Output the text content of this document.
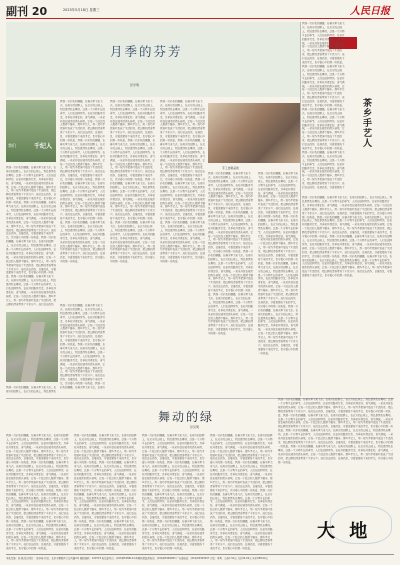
副刊 20	2023年5月18日 星期三	人民日报
月季的芬芳
彭学明
我们	千纪人
手工皮制品的
遇见
茶乡手艺人
我像一只彩色的蝴蝶，在春天里飞来飞去。在南方的田野上，在北方的山坡上，到处是绿色在舞动。这是一个万物生长的季节，人们在田间劳作，在花开的路旁行走。月季花开得正好，香气满城，一朵朵开放在城市的街头巷尾，让每一个经过的人都停下脚步。那些手艺人，用一双巧手把茶叶变成了生活的诗，把山野的清香带进了千家万户。他们日出而作，日落而息，守着祖辈传下来的手艺，也守着心中的那一份热爱。我像一只彩色的蝴蝶，在春天里飞来飞去。在南方的田野上，在北方的山坡上，到处是绿色在舞动。这是一个万物生长的季节，人们在田间劳作，在花开的路旁行走。月季花开得正好，香气满城，一朵朵开放在城市的街头巷尾，让每一个经过的人都停下脚步。那些手艺人，用一双巧手把茶叶变成了生活的诗，把山野的清香带进了千家万户。他们日出而作，日落而息，守着祖辈传下来的手艺，也守着心中的那一份热爱。我像一只彩色的蝴蝶，在春天里飞来飞去。在南方的田野上，在北方的山坡上，到处是绿色在舞动。这是一个万物生长的季节，人们在田间劳作，在花开的路旁行走。月季花开得正好，香气满城，一朵朵开放在城市的街头巷尾，让每一个经过的人都停下脚步。那些手艺人，用一双巧手把茶叶变成了生活的诗，把山野的清香带进了千家万户。他们日出而作，日落而息，守着祖辈传下来的手艺，也守着心中的那一份热爱。我像一只彩色的蝴蝶，在春天里飞来飞去。在南方的田野上，在北方的山坡上，到处是绿色在舞动。这是一个万物生长的季节，人们在田间劳作，在花开的路旁行走。月季花开得正好，香气满城，一朵朵开放在城市的街头巷尾，让每一个经过的人都停下脚步。那些手艺人，用一双巧手把茶叶变成了生活的诗，把山野的清香带进了千家万户。他们日出而作，日落而息，守着祖辈传下来的手艺，也守着心中的那一份热爱。
我像一只彩色的蝴蝶，在春天里飞来飞去。在南方的田野上，在北方的山坡上，到处是绿色在舞动。这是一个万物生长的季节，人们在田间劳作，在花开的路旁行走。月季花开得正好，香气满城，一朵朵开放在城市的街头巷尾，让每一个经过的人都停下脚步。那些手艺人，用一双巧手把茶叶变成了生活的诗，把山野的清香带进了千家万户。他们日出而作，日落而息，守着祖辈传下来的手艺，也守着心中的那一份热爱。我像一只彩色的蝴蝶，在春天里飞来飞去。在南方的田野上，在北方的山坡上，到处是绿色在舞动。这是一个万物生长的季节，人们在田间劳作，在花开的路旁行走。月季花开得正好，香气满城，一朵朵开放在城市的街头巷尾，让每一个经过的人都停下脚步。那些手艺人，用一双巧手把茶叶变成了生活的诗，把山野的清香带进了千家万户。他们日出而作，日落而息，守着祖辈传下来的手艺，也守着心中的那一份热爱。我像一只彩色的蝴蝶，在春天里飞来飞去。在南方的田野上，在北方的山坡上，到处是绿色在舞动。这是一个万物生长的季节，人们在田间劳作，在花开的路旁行走。月季花开得正好，香气满城，一朵朵开放在城市的街头巷尾，让每一个经过的人都停下脚步。那些手艺人，用一双巧手把茶叶变成了生活的诗，把山野的清香带进了千家万户。他们日出而作，日落而息，守着祖辈传下来的手艺，也守着心中的那一份热爱。我像一只彩色的蝴蝶，在春天里飞来飞去。在南方的田野上，在北方的山坡上，到处是绿色在舞动。这是一个万物生长的季节，人们在田间劳作，在花开的路旁行走。月季花开得正好，香气满城，一朵朵开放在城市的街头巷尾，让每一个经过的人都停下脚步。那些手艺人，用一双巧手把茶叶变成了生活的诗，把山野的清香带进了千家万户。他们日出而作，
我像一只彩色的蝴蝶，在春天里飞来飞去。在南方的田野上，在北方的山坡上，到处是绿色在舞动。这是一个万物生长的季节，人们在田间劳作，在花开的路旁行走。月季花开得正好，香气满城，一朵朵开放在城市的街头巷尾，让每一个经过的人都停下脚步。那些手艺人，用一双巧手把茶叶变成了生活的诗，把山野的清香带进了千家万户。他们日出而作，日落而息，守着祖辈传下来的手艺，也守着心中的那一份热爱。我像一只彩色的蝴蝶，在春天里飞来飞去。在南方的田野上，在北方的山坡上，到处是绿色在舞动。这是一个万物生长的季节，人们在田间劳作，在花开的路旁行走。月季花开得正好，香气满城，一朵朵开放在城市的街头巷尾，让每一个经过的人都停下脚步。那些手艺人，用一双巧手把茶叶变成了生活的诗，把山野的清香带进了千家万户。他们日出而作，日落而息，守着祖辈传下来的手艺，也守着心中的那一份热爱。我像一只彩色的蝴蝶，在春天里飞来飞去。在南方的田野上，在北方的山坡上，到处是绿色在舞动。这是一个万物生长的季节，人们在田间劳作，在花开的路旁行走。月季花开得正好，香气满城，一朵朵开放在城市的街头巷尾，让每一个经过的人都停下脚步。那些手艺人，用一双巧手把茶叶变成了生活的诗，把山野的清香带进了千家万户。他们日出而作，日落而息，守着祖辈传下来的手艺，也守着心中的那一份热爱。我像一只彩色的蝴蝶，在春天里飞来飞去。在南方的田野上，在北方的山坡上，到处是绿色在舞动。这是一个万物生长的季节，人们在田间劳作，在花开的路旁行走。月季花开得正好，香气满城，一朵朵开放在城市的街头巷尾，让每一个经过的人都停下脚步。那些手艺人，用一双巧手把茶叶变成了生活的诗，把山野的清香带进了千家万户。他们日出而作，日落而息，守着祖辈传下来的手艺，也守着心中的那一份热爱。
我像一只彩色的蝴蝶，在春天里飞来飞去。在南方的田野上，在北方的山坡上，到处是绿色在舞动。这是一个万物生长的季节，人们在田间劳作，在花开的路旁行走。月季花开得正好，香气满城，一朵朵开放在城市的街头巷尾，让每一个经过的人都停下脚步。那些手艺人，用一双巧手把茶叶变成了生活的诗，把山野的清香带进了千家万户。他们日出而作，日落而息，守着祖辈传下来的手艺，也守着心中的那一份热爱。我像一只彩色的蝴蝶，在春天里飞来飞去。在南方的田野上，在北方的山坡上，到处是绿色在舞动。这是一个万物生长的季节，人们在田间劳作，在花开的路旁行走。月季花开得正好，香气满城，一朵朵开放在城市的街头巷尾，让每一个经过的人都停下脚步。那些手艺人，用一双巧手把茶叶变成了生活的诗，把山野的清香带进了千家万户。他们日出而作，日落而息，守着祖辈传下来的手艺，也守着心中的那一份热爱。我像一只彩色的蝴蝶，在春天里飞来飞去。在南方的田野上，在北方的山坡上，到处是绿色在舞动。这是一个万物生长的季节，人们在田间劳作，在花开的路旁行走。月季花开得正好，香气满城，一朵朵开放在城市的街头巷尾，让每一个经过的人都停下脚步。那些手艺人，用一双巧手把茶叶变成了生活的诗，把山野的清香带进了千家万户。他们日出而作，日落而息，守着祖辈传下来的手艺，也守着心中的那一份热爱。我像一只彩色的蝴蝶，在春天里飞来飞去。在南方的田野上，在北方的山坡上，到处是绿色在舞动。这是一个万物生长的季节，人们在田间劳作，在花开的路旁行走。月季花开得正好，香气满城，一朵朵开放在城市的街头巷尾，让每一个经过的人都停下脚步。那些手艺人，用一双巧手把茶叶变成了生活的诗，把山野的清香带进了千家万户。他们日出而作，日落而息，守着祖辈传下来的手艺，也守着心中的那一份热爱。
我像一只彩色的蝴蝶，在春天里飞来飞去。在南方的田野上，在北方的山坡上，到处是绿色在舞动。这是一个万物生长的季节，人们在田间劳作，在花开的路旁行走。月季花开得正好，香气满城，一朵朵开放在城市的街头巷尾，让每一个经过的人都停下脚步。那些手艺人，用一双巧手把茶叶变成了生活的诗，把山野的清香带进了千家万户。他们日出而作，日落而息，守着祖辈传下来的手艺，也守着心中的那一份热爱。我像一只彩色的蝴蝶，在春天里飞来飞去。在南方的田野上，在北方的山坡上，到处是绿色在舞动。这是一个万物生长的季节，人们在田间劳作，在花开的路旁行走。月季花开得正好，香气满城，一朵朵开放在城市的街头巷尾，让每一个经过的人都停下脚步。那些手艺人，用一双巧手把茶叶变成了生活的诗，把山野的清香带进了千家万户。他们日出而作，日落而息，守着祖辈传下来的手艺，也守着心中的那一份热爱。我像一只彩色的蝴蝶，在春天里飞来飞去。在南方的田野上，在北方的山坡上，到处是绿色在舞动。这是一个万物生长的季节，人们在田间劳作，在花开的路旁行走。月季花开得正好，香气满城，一朵朵开放在城市的街头巷尾，让每一个经过的人都停下脚步。那些手艺人，用一双巧手把茶叶变成了生活的诗，把山野的清香带进了千家万户。他们日出而作，日落而息，守着祖辈传下来的手艺，也守着心中的那一份热爱。我像一只彩色的蝴蝶，在春天里飞来飞去。在南方的田野上，在北方的山坡上，到处是绿色在舞动。这是一个万物生长的季节，人们在田间劳作，在花开的路旁行走。月季花开得正好，香气满城，一朵朵开放在城市的街头巷尾，让每一个经过的人都停下脚步。那些手艺人，用一双巧手把茶叶变成了生活的诗，把山野的清香带进了千家万户。他们日出而作，日落而息，守着祖辈传下来的手艺，也守着心中的那一份热爱。
我像一只彩色的蝴蝶，在春天里飞来飞去。在南方的田野上，在北方的山坡上，到处是绿色在舞动。这是一个万物生长的季节，人们在田间劳作，在花开的路旁行走。月季花开得正好，香气满城，一朵朵开放在城市的街头巷尾，让每一个经过的人都停下脚步。那些手艺人，用一双巧手把茶叶变成了生活的诗，把山野的清香带进了千家万户。他们日出而作，日落而息，守着祖辈传下来的手艺，也守着心中的那一份热爱。我像一只彩色的蝴蝶，在春天里飞来飞去。在南方的田野上，在北方的山坡上，到处是绿色在舞动。这是一个万物生长的季节，人们在田间劳作，在花开的路旁行走。月季花开得正好，香气满城，一朵朵开放在城市的街头巷尾，让每一个经过的人都停下脚步。那些手艺人，用一双巧手把茶叶变成了生活的诗，把山野的清香带进了千家万户。他们日出而作，日落而息，守着祖辈传下来的手艺，也守着心中的那一份热爱。我像一只彩色的蝴蝶，在春天里飞来飞去。在南方的田野上，在北方的山坡上，到处是绿色在舞动。这是一个万物生长的季节，人们在田间劳作，在花开的路旁行走。月季花开得正好，香气满城，一朵朵开放在城市的街头巷尾，让每一个经过的人都停下脚步。那些手艺人，用一双巧手把茶叶变成了生活的诗，把山野的清香带进了千家万户。他们日出而作，日落而息，守着祖辈传下来的手艺，也守着心中的那一份热爱。我像一只彩色的蝴蝶，在春天里飞来飞去。在南方的田野上，在北方的山坡上，到处是绿色在舞动。这是一个万物生长的季节，人们在田间劳作，在花开的路旁行走。月季花开得正好，香气满城，一朵朵开放在城市的街头巷尾，让每一个经过的人都停下脚步。那些手艺人，用一双巧手把茶叶变成了生活的诗，把山野的清香带进了千家万户。他们日出而作，日落而息，守着祖辈传下来的手艺，也守着心中的那一份热爱。
我像一只彩色的蝴蝶，在春天里飞来飞去。在南方的田野上，在北方的山坡上，到处是绿色在舞动。这是一个万物生长的季节，人们在田间劳作，在花开的路旁行走。月季花开得正好，香气满城，一朵朵开放在城市的街头巷尾，让每一个经过的人都停下脚步。那些手艺人，用一双巧手把茶叶变成了生活的诗，把山野的清香带进了千家万户。他们日出而作，日落而息，守着祖辈传下来的手艺，也守着心中的那一份热爱。我像一只彩色的蝴蝶，在春天里飞来飞去。在南方的田野上，在北方的山坡上，到处是绿色在舞动。这是一个万物生长的季节，人们在田间劳作，在花开的路旁行走。月季花开得正好，香气满城，一朵朵开放在城市的街头巷尾，让每一个经过的人都停下脚步。那些手艺人，用一双巧手把茶叶变成了生活的诗，把山野的清香带进了千家万户。他们日出而作，日落而息，守着祖辈传下来的手艺，也守着心中的那一份热爱。我像一只彩色的蝴蝶，在春天里飞来飞去。在南方的田野上，在北方的山坡上，到处是绿色在舞动。这是一个万物生长的季节，人们在田间劳作，在花开的路旁行走。月季花开得正好，香气满城，一朵朵开放在城市的街头巷尾，让每一个经过的人都停下脚步。那些手艺人，用一双巧手把茶叶变成了生活的诗，把山野的清香带进了千家万户。他们日出而作，日落而息，守着祖辈传下来的手艺，也守着心中的那一份热爱。我像一只彩色的蝴蝶，在春天里飞来飞去。在南方的田野上，在北方的山坡上，到处是绿色在舞动。这是一个万物生长的季节，人们在田间劳作，在花开的路旁行走。月季花开得正好，香气满城，一朵朵开放在城市的街头巷尾，让每一个经过的人都停下脚步。那些手艺人，用一双巧手把茶叶变成了生活的诗，把山野的清香带进了千家万户。他们日出而作，日落而息，守着祖辈传下
我像一只彩色的蝴蝶，在春天里飞来飞去。在南方的田野上，在北方的山坡上，到处是绿色在舞动。这是一个万物生长的季节，人们在田间劳作，在花开的路旁行走。月季花开得正好，香气满城，一朵朵开放在城市的街头巷尾，让每一个经过的人都停下脚步。那些手艺人，用一双巧手把茶叶变成了生活的诗，把山野的清香带进了千家万户。他们日出而作，日落而息，守着祖辈传下来的手艺，也守着心中的那一份热爱。我像一只彩色的蝴蝶，在春天里飞来飞去。在南方的田野上，在北方的山坡上，到处是绿色在舞动。这是一个万物生长的季节，人们在田间劳作，在花开的路旁行走。月季花开得正好，香气满城，一朵朵开放在城市的街头巷尾，让每一个经过的人都停下脚步。那些手艺人，用一双巧手把茶叶变成了生活的诗，把山野的清香带进了千家万户。他们日出而作，日落而息，守着祖辈传下来的手艺，也守着心中的那一份热爱。我像一只彩色的蝴蝶，在春天里飞来飞去。在南方的田野上，在北方的山坡上，到处是绿色在舞动。这是一个万物生长的季节，人们在田间劳作，在花开的路旁行走。月季花开得正好，香气满城，一朵朵开放在城市的街头巷尾，让每一个经过的人都停下脚步。那些手艺人，用一双巧手把茶叶变成了生活的诗，把山野的清香带进了千家万户。他们日出而作，日落而息，守着祖辈传下来的手艺，也守着心中的那一份热爱。我像一只彩色的蝴蝶，在春天里飞来飞去。在南方的田野上，在北方的山坡上，到处是绿色在舞动。这是一个万物生长的季节，人们在田间劳作，在花开的路旁行走。月季花开得正好，香气满城，一朵朵开放在城市的街头巷尾，让每一个经过的人都停下脚步。那些手艺人，用一双巧手把茶叶变成了生活的诗，把山野的清香带进了千家万户。他们日出而作，日落而息，守着祖辈传下来的手艺，也守着心中的那一份热爱。
我像一只彩色的蝴蝶，在春天里飞来飞去。在南方的田野上，在北方的山坡上，到处是绿色在舞动。这是一个万物生长的季节，人们在田间劳作，在花开的路旁行走。月季花开得正好，香气满城，一朵朵开放在城市的街头巷尾，让每一个经过的人都停下脚步。那些手艺人，用一双巧手把茶叶变成了生活的诗，把山野的清香带进了千家万户。他们日出而作，日落而息，守着祖辈传下来的手艺，也守着心中的那一份热爱。我像一只彩色的蝴蝶，在春天里飞来飞去。在南方的田野上，在北方的山坡上，到处是绿色在舞动。这是一个万物生长的季节，人们在田间劳作，在花开的路旁行走。月季花开得正好，香气满城，一朵朵开放在城市的街头巷尾，让每一个经过的人都停下脚步。那些手艺人，用一双巧手把茶叶变成了生活的诗，把山野的清香带进了千家万户。他们日出而作，日落而息，守着祖辈传下来的手艺，也守着心中的那一份热爱。我像一只彩色的蝴蝶，在春天里飞来飞去。在南方
我像一只彩色的蝴蝶，在春天里飞来飞去。在南方的田野上，在北方的山坡上，到处是绿色
舞动的绿
彭见明
我像一只彩色的蝴蝶，在春天里飞来飞去。在南方的田野上，在北方的山坡上，到处是绿色在舞动。这是一个万物生长的季节，人们在田间劳作，在花开的路旁行走。月季花开得正好，香气满城，一朵朵开放在城市的街头巷尾，让每一个经过的人都停下脚步。那些手艺人，用一双巧手把茶叶变成了生活的诗，把山野的清香带进了千家万户。他们日出而作，日落而息，守着祖辈传下来的手艺，也守着心中的那一份热爱。我像一只彩色的蝴蝶，在春天里飞来飞去。在南方的田野上，在北方的山坡上，到处是绿色在舞动。这是一个万物生长的季节，人们在田间劳作，在花开的路旁行走。月季花开得正好，香气满城，一朵朵开放在城市的街头巷尾，让每一个经过的人都停下脚步。那些手艺人，用一双巧手把茶叶变成了生活的诗，把山野的清香带进了千家万户。他们日出而作，日落而息，守着祖辈传下来的手艺，也守着心中的那一份热爱。我像一只彩色的蝴蝶，在春天里飞来飞去。在南方的田野上，在北方的山坡上，到处是绿色在舞动。这是一个万物生长的季节，人们在田间劳作，在花开的路旁行走。月季花开得正好，香气满城，一朵朵开放在城市的街头巷尾，让每一个经过的人都停下脚步。那些手艺人，用一双巧手把茶叶变成了生活的诗，把山野的清香带进了千家万户。他们日出而作，日落而息，守着祖辈传下来的手艺，也守着心中的那一份热爱。我像一只彩色的蝴蝶，在春天里飞来飞去。在南方的田野上，在北方的山坡上，到处是绿色在舞动。这是一个万物生长的季节，人们在田间劳作，在花开的路旁行走。月季花开得正好，香气满城，一朵朵开放在城市的街头巷尾，让每一个经过的人都停下脚步。那些手艺人，用一双巧手把茶叶变成了生活的诗，把山野的清香带进了千家万户。他们日出而作，日落而息，守着祖辈传下来的手艺，也守着心中的那一份热爱。
我像一只彩色的蝴蝶，在春天里飞来飞去。在南方的田野上，在北方的山坡上，到处是绿色在舞动。这是一个万物生长的季节，人们在田间劳作，在花开的路旁行走。月季花开得正好，香气满城，一朵朵开放在城市的街头巷尾，让每一个经过的人都停下脚步。那些手艺人，用一双巧手把茶叶变成了生活的诗，把山野的清香带进了千家万户。他们日出而作，日落而息，守着祖辈传下来的手艺，也守着心中的那一份热爱。我像一只彩色的蝴蝶，在春天里飞来飞去。在南方的田野上，在北方的山坡上，到处是绿色在舞动。这是一个万物生长的季节，人们在田间劳作，在花开的路旁行走。月季花开得正好，香气满城，一朵朵开放在城市的街头巷尾，让每一个经过的人都停下脚步。那些手艺人，用一双巧手把茶叶变成了生活的诗，把山野的清香带进了千家万户。他们日出而作，日落而息，守着祖辈传下来的手艺，也守着心中的那一份热爱。我像一只彩色的蝴蝶，在春天里飞来飞去。在南方的田野上，在北方的山坡上，到处是绿色在舞动。这是一个万物生长的季节，人们在田间劳作，在花开的路旁行走。月季花开得正好，香气满城，一朵朵开放在城市的街头巷尾，让每一个经过的人都停下脚步。那些手艺人，用一双巧手把茶叶变成了生活的诗，把山野的清香带进了千家万户。他们日出而作，日落而息，守着祖辈传下来的手艺，也守着心中的那一份热爱。我像一只彩色的蝴蝶，在春天里飞来飞去。在南方的田野上，在北方的山坡上，到处是绿色在舞动。这是一个万物生长的季节，人们在田间劳作，在花开的路旁行走。月季花开得正好，香气满城，一朵朵开放在城市的街头巷尾，让每一个经过的人都停下脚步。那些手艺人，用一双巧手把茶叶变成了生活的诗，把山野的清香带进了千家万户。他们日出而作，日落而息，守着祖辈传下来的手艺，也守着心中的那一份热爱。
我像一只彩色的蝴蝶，在春天里飞来飞去。在南方的田野上，在北方的山坡上，到处是绿色在舞动。这是一个万物生长的季节，人们在田间劳作，在花开的路旁行走。月季花开得正好，香气满城，一朵朵开放在城市的街头巷尾，让每一个经过的人都停下脚步。那些手艺人，用一双巧手把茶叶变成了生活的诗，把山野的清香带进了千家万户。他们日出而作，日落而息，守着祖辈传下来的手艺，也守着心中的那一份热爱。我像一只彩色的蝴蝶，在春天里飞来飞去。在南方的田野上，在北方的山坡上，到处是绿色在舞动。这是一个万物生长的季节，人们在田间劳作，在花开的路旁行走。月季花开得正好，香气满城，一朵朵开放在城市的街头巷尾，让每一个经过的人都停下脚步。那些手艺人，用一双巧手把茶叶变成了生活的诗，把山野的清香带进了千家万户。他们日出而作，日落而息，守着祖辈传下来的手艺，也守着心中的那一份热爱。我像一只彩色的蝴蝶，在春天里飞来飞去。在南方的田野上，在北方的山坡上，到处是绿色在舞动。这是一个万物生长的季节，人们在田间劳作，在花开的路旁行走。月季花开得正好，香气满城，一朵朵开放在城市的街头巷尾，让每一个经过的人都停下脚步。那些手艺人，用一双巧手把茶叶变成了生活的诗，把山野的清香带进了千家万户。他们日出而作，日落而息，守着祖辈传下来的手艺，也守着心中的那一份热爱。我像一只彩色的蝴蝶，在春天里飞来飞去。在南方的田野上，在北方的山坡上，到处是绿色在舞动。这是一个万物生长的季节，人们在田间劳作，在花开的路旁行走。月季花开得正好，香气满城，一朵朵开放在城市的街头巷尾，让每一个经过的人都停下脚步。那些手艺人，用一双巧手把茶叶变成了生活的诗，把山野的清香带进了千家万户。他们日出而作，日落而息，守着祖辈传下来的手艺，也守着心中的那一份热爱。
我像一只彩色的蝴蝶，在春天里飞来飞去。在南方的田野上，在北方的山坡上，到处是绿色在舞动。这是一个万物生长的季节，人们在田间劳作，在花开的路旁行走。月季花开得正好，香气满城，一朵朵开放在城市的街头巷尾，让每一个经过的人都停下脚步。那些手艺人，用一双巧手把茶叶变成了生活的诗，把山野的清香带进了千家万户。他们日出而作，日落而息，守着祖辈传下来的手艺，也守着心中的那一份热爱。我像一只彩色的蝴蝶，在春天里飞来飞去。在南方的田野上，在北方的山坡上，到处是绿色在舞动。这是一个万物生长的季节，人们在田间劳作，在花开的路旁行走。月季花开得正好，香气满城，一朵朵开放在城市的街头巷尾，让每一个经过的人都停下脚步。那些手艺人，用一双巧手把茶叶变成了生活的诗，把山野的清香带进了千家万户。他们日出而作，日落而息，守着祖辈传下来的手艺，也守着心中的那一份热爱。我像一只彩色的蝴蝶，在春天里飞来飞去。在南方的田野上，在北方的山坡上，到处是绿色在舞动。这是一个万物生长的季节，人们在田间劳作，在花开的路旁行走。月季花开得正好，香气满城，一朵朵开放在城市的街头巷尾，让每一个经过的人都停下脚步。那些手艺人，用一双巧手把茶叶变成了生活的诗，把山野的清香带进了千家万户。他们日出而作，日落而息，守着祖辈传下来的手艺，也守着心中的那一份热爱。我像一只彩色的蝴蝶，在春天里飞来飞去。在南方的田野上，在北方的山坡上，到处是绿色在舞动。这是一个万物生长的季节，人们在田间劳作，在花开的路旁行走。月季花开得正好，香气满城，一朵朵开放在城市的街头巷尾，让每一个经过的人都停下脚步。那些手艺人，用一双巧手把茶叶变成了生活的诗，把山野的清香带进了千家万户。他们日出而作，日落而息，守着祖辈传下来的手艺，也守着心中的那一份热爱。
我像一只彩色的蝴蝶，在春天里飞来飞去。在南方的田野上，在北方的山坡上，到处是绿色在舞动。这是一个万物生长的季节，人们在田间劳作，在花开的路旁行走。月季花开得正好，香气满城，一朵朵开放在城市的街头巷尾，让每一个经过的人都停下脚步。那些手艺人，用一双巧手把茶叶变成了生活的诗，把山野的清香带进了千家万户。他们日出而作，日落而息，守着祖辈传下来的手艺，也守着心中的那一份热爱。我像一只彩色的蝴蝶，在春天里飞来飞去。在南方的田野上，在北方的山坡上，到处是绿色在舞动。这是一个万物生长的季节，人们在田间劳作，在花开的路旁行走。月季花开得正好，香气满城，一朵朵开放在城市的街头巷尾，让每一个经过的人都停下脚步。那些手艺人，用一双巧手把茶叶变成了生活的诗，把山野的清香带进了千家万户。他们日出而作，日落而息，守着祖辈传下来的手艺，也守着心中的那一份热爱。我像一只彩色的蝴蝶，在春天里飞来飞去。在南方的田野上，在北方的山坡上，到处是绿色在舞动。这是一个万物生长的季节，人们在田间劳作，在花开的路旁行走。月季花开得正好，香气满城，一朵朵开放在城市的街头巷尾，让每一个经过的人都停下脚步。那些手艺人，用一双巧手把茶叶变成了生活的诗，把山野的清香带进了千家万户。他们日出而作，日落而息，守着祖辈传下来的手艺，也守着心中的那一份热爱。我像一只彩色的蝴蝶，在春天里飞来飞去。在南方的田野上，在北方的山坡上，到处是绿色在舞动。这是一个万物生长的季节，人们在田间劳作，在花开的路旁行走。月季花开得正好，香气满城，一朵朵开放在城市的街头巷尾，让每一个经过的人都停下脚步。那些手艺人，用一双巧手把茶叶变成了生活的诗，把山野的清香带进了千家万户。他们日出而作，日落而息，守着祖辈传下来的手艺，也守着心中的那一份热爱。
大 地
本版责编：彭 薇 版式设计：张芳曼 社址：北京市朝阳区金台西路2号 邮政编码：100733 电话查号台：(010)65368114 印刷质量监督电话：(010)65369093 广告部电话：(010)65363507 订报：零售：每份1.50元 月价24.00元 年价288.00元
